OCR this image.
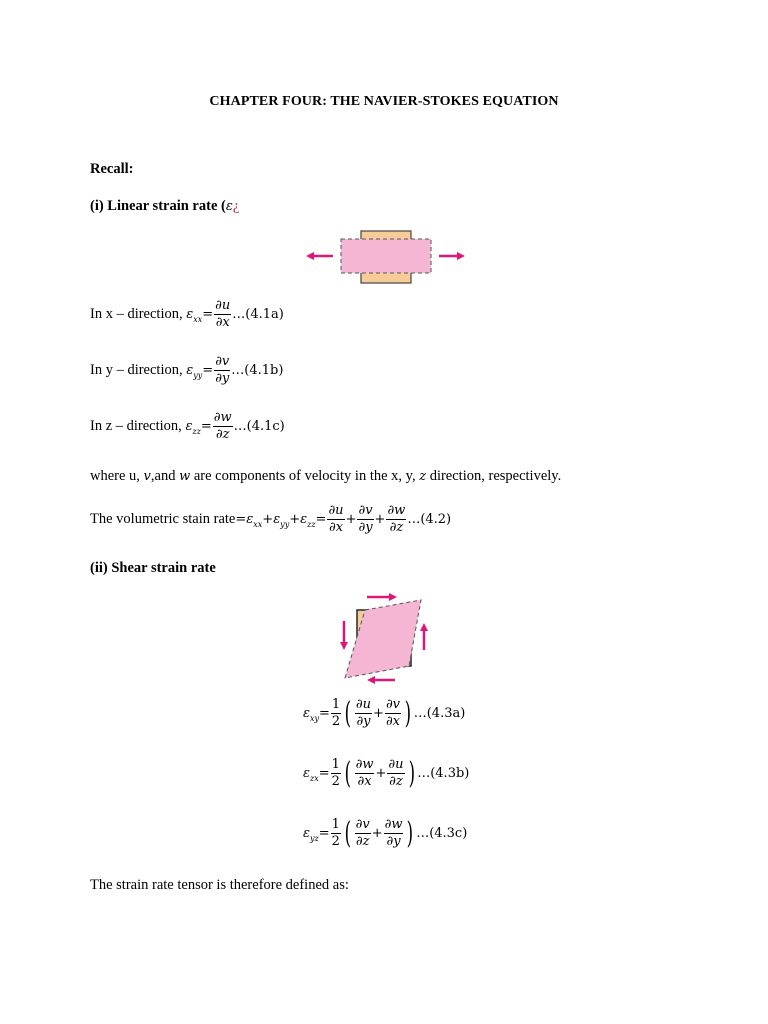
CHAPTER FOUR: THE NAVIER-STOKES EQUATION
Recall:
(i) Linear strain rate (ε¿
In x – direction, $\varepsilon_{xx}= \frac{\partial u}{\partial x}$ …(4.1a)
In y – direction, $\varepsilon_{yy}= \frac{\partial v}{\partial y}$ …(4.1b)
In z – direction, $\varepsilon_{zz}= \frac{\partial w}{\partial z}$ …(4.1c)
where u, v,and w are components of velocity in the x, y, z direction, respectively.
The volumetric stain $rate=\varepsilon_{xx}+\varepsilon_{yy}+\varepsilon_{zz}= \frac{\partial u}{\partial x} + \frac{\partial v}{\partial y} + \frac{\partial w}{\partial z}$ …(4.2)
(ii) Shear strain rate
$\varepsilon_{xy}= \frac{1}{2}$ ( $\frac{\partial u}{\partial y} + \frac{\partial v}{\partial x}$ ) …(4.3a)
$\varepsilon_{zx}= \frac{1}{2}$ ( $\frac{\partial w}{\partial x} + \frac{\partial u}{\partial z}$ ) …(4.3b)
$\varepsilon_{yz}= \frac{1}{2}$ ( $\frac{\partial v}{\partial z} + \frac{\partial w}{\partial y}$ ) …(4.3c)
The strain rate tensor is therefore defined as:
